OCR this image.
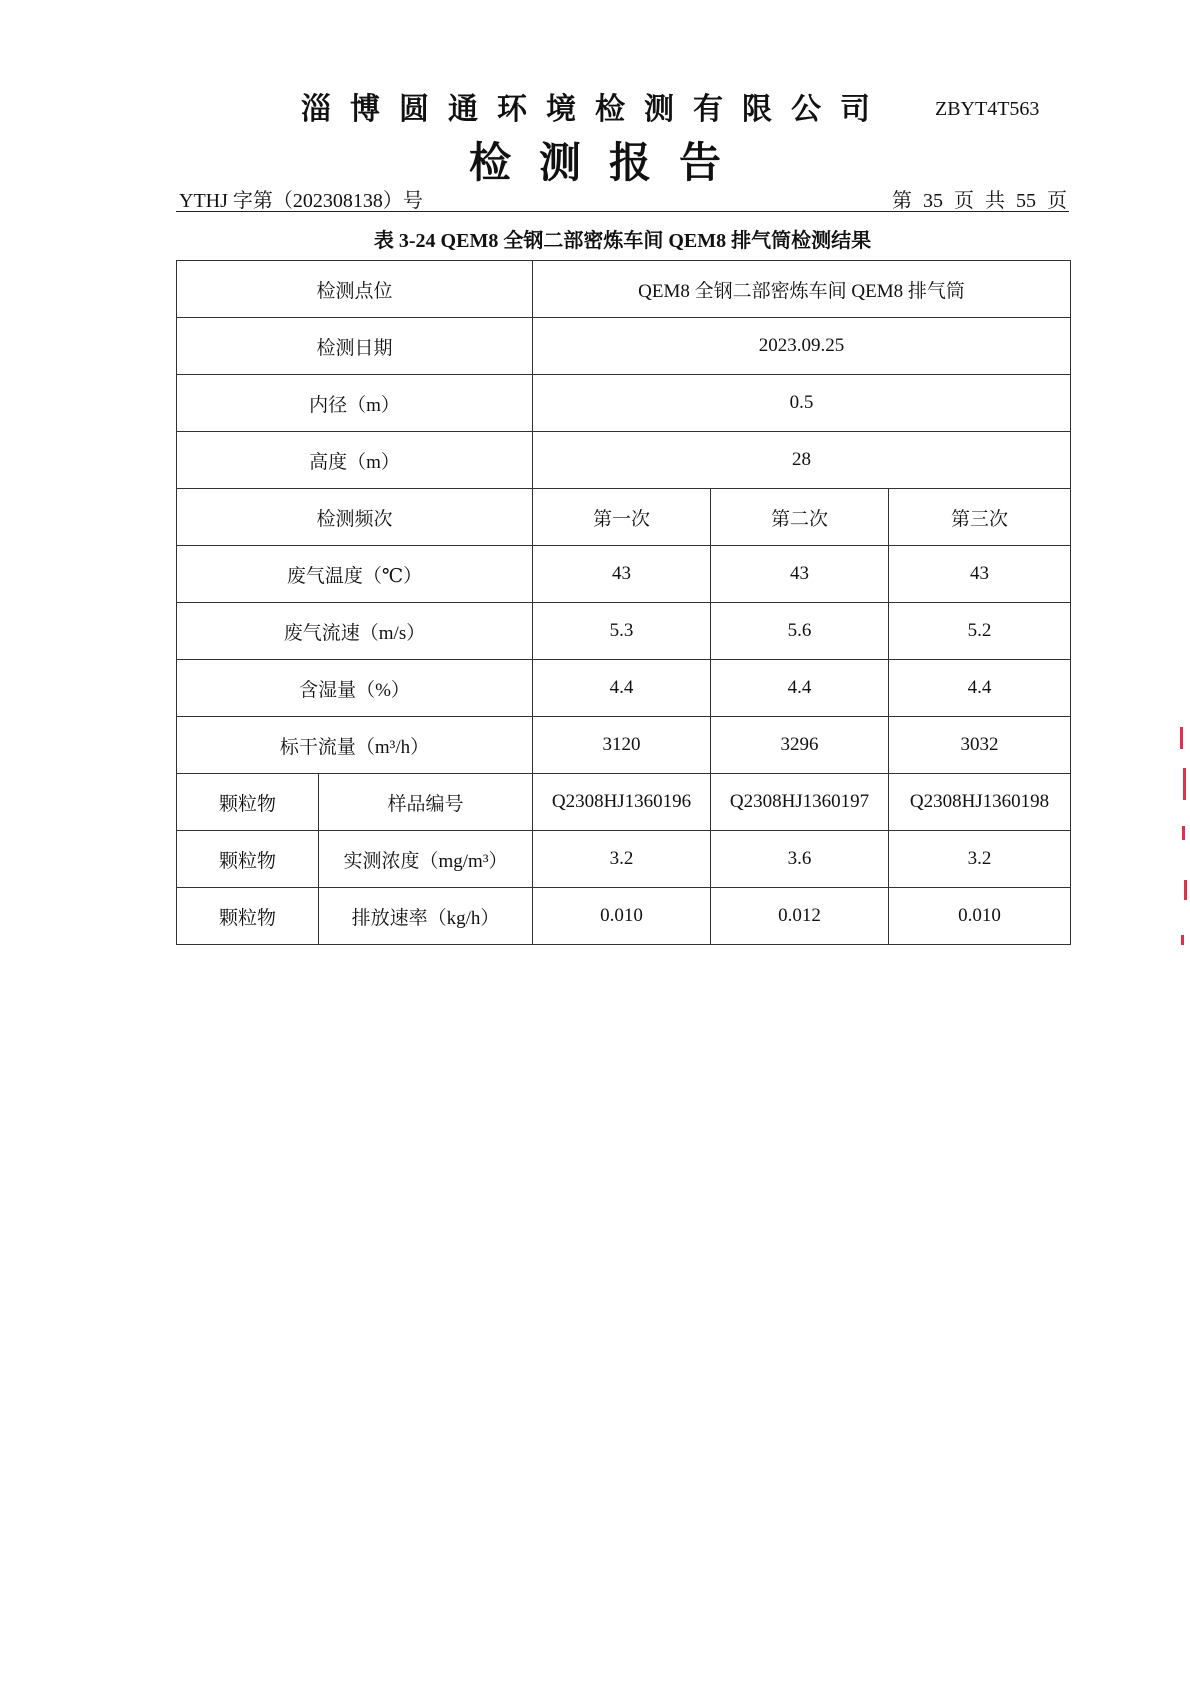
淄博圆通环境检测有限公司	ZBYT4T563
检测报告
YTHJ 字第（202308138）号	第 35 页 共 55 页
表 3-24 QEM8 全钢二部密炼车间 QEM8 排气筒检测结果
检测点位		QEM8 全钢二部密炼车间 QEM8 排气筒		
检测日期		2023.09.25		
内径（m）		0.5		
高度（m）		28		
检测频次		第一次	第二次	第三次
废气温度（℃）		43	43	43
废气流速（m/s）		5.3	5.6	5.2
含湿量（%）		4.4	4.4	4.4
标干流量（m³/h）		3120	3296	3032
颗粒物	样品编号	Q2308HJ1360196	Q2308HJ1360197	Q2308HJ1360198
颗粒物	实测浓度（mg/m³）	3.2	3.6	3.2
颗粒物	排放速率（kg/h）	0.010	0.012	0.010
